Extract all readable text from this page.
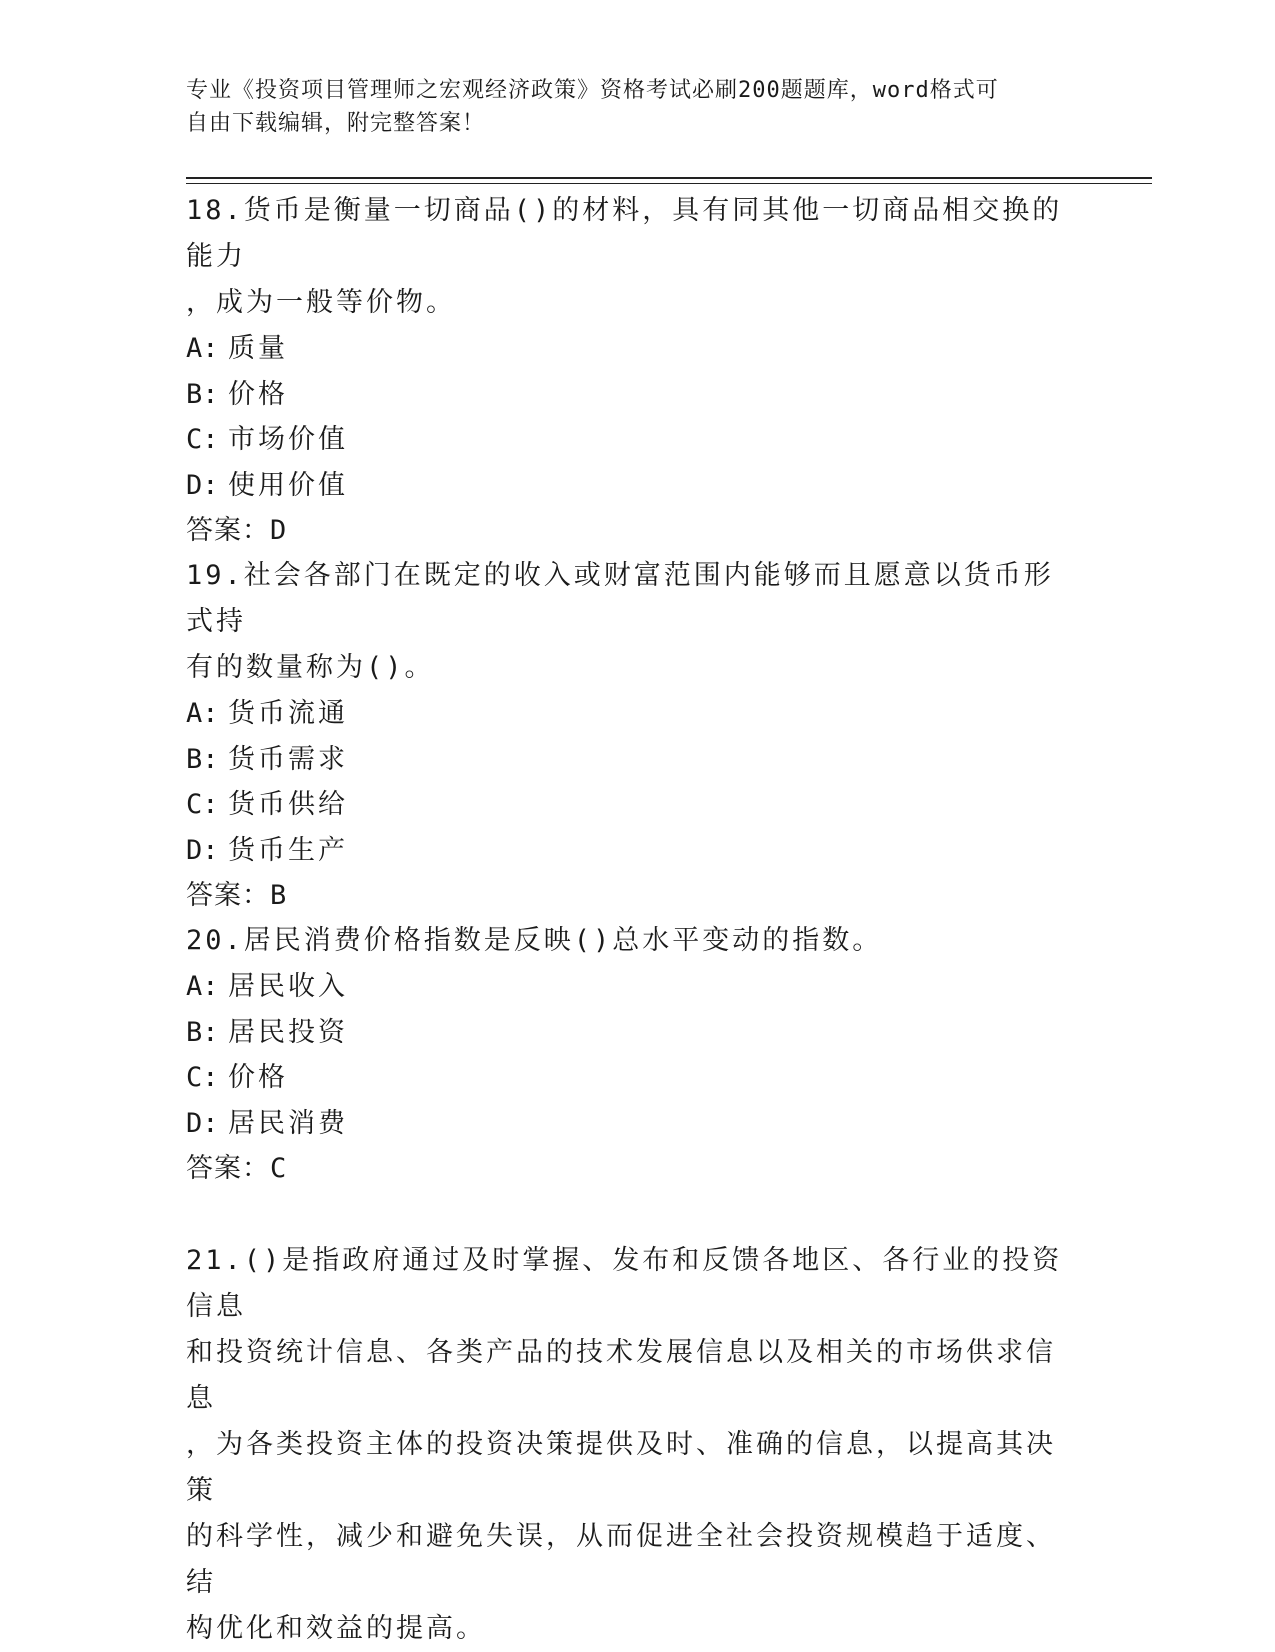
专业《投资项目管理师之宏观经济政策》资格考试必刷200题题库，word格式可
自由下载编辑，附完整答案！

18.货币是衡量一切商品()的材料，具有同其他一切商品相交换的能力

，成为一般等价物。

A: 质量

B: 价格

C: 市场价值

D: 使用价值

答案：D

19.社会各部门在既定的收入或财富范围内能够而且愿意以货币形式持

有的数量称为()。

A: 货币流通

B: 货币需求

C: 货币供给

D: 货币生产

答案：B

20.居民消费价格指数是反映()总水平变动的指数。

A: 居民收入

B: 居民投资

C: 价格

D: 居民消费

答案：C

21.()是指政府通过及时掌握、发布和反馈各地区、各行业的投资信息

和投资统计信息、各类产品的技术发展信息以及相关的市场供求信息

，为各类投资主体的投资决策提供及时、准确的信息，以提高其决策

的科学性，减少和避免失误，从而促进全社会投资规模趋于适度、结

构优化和效益的提高。
